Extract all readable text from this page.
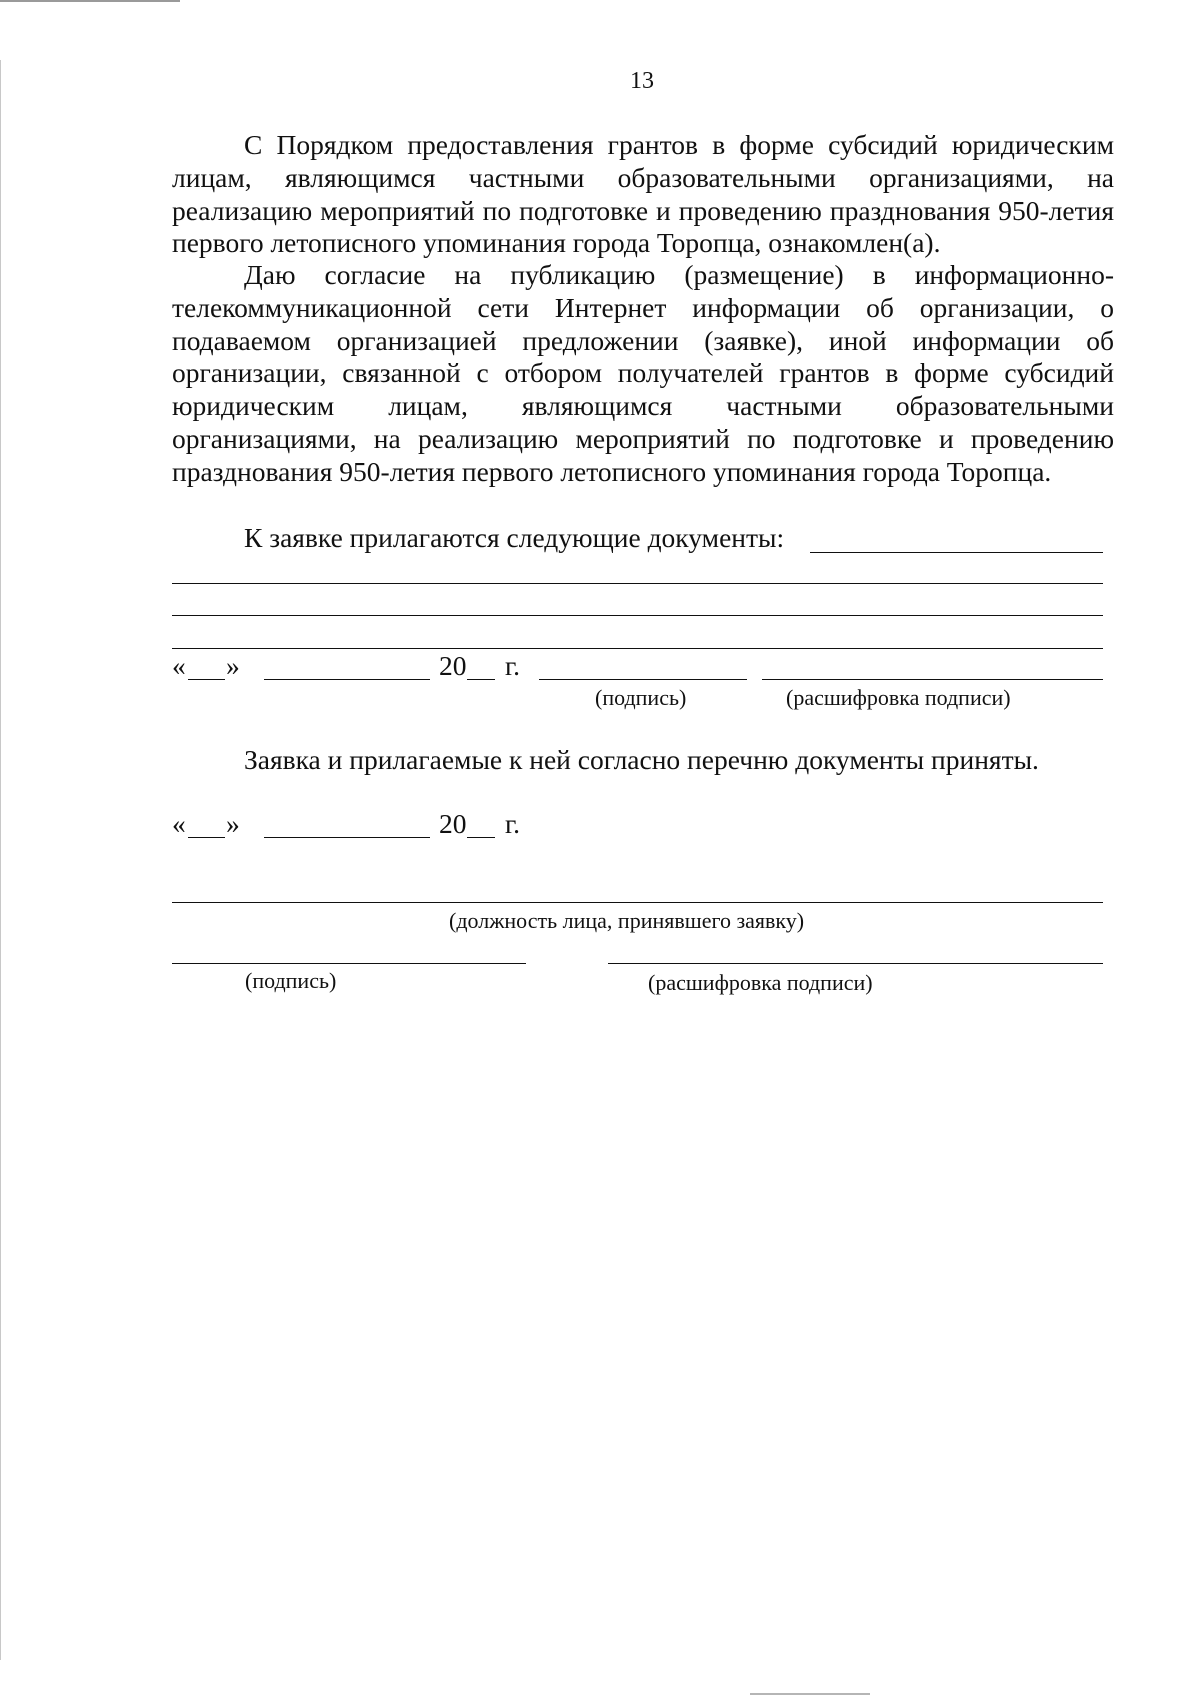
13
С Порядком предоставления грантов в форме субсидий юридическим лицам, являющимся частными образовательными организациями, на реализацию мероприятий по подготовке и проведению празднования 950-летия первого летописного упоминания города Торопца, ознакомлен(а).
Даю согласие на публикацию (размещение) в информационно-телекоммуникационной сети Интернет информации об организации, о подаваемом организацией предложении (заявке), иной информации об организации, связанной с отбором получателей грантов в форме субсидий юридическим лицам, являющимся частными образовательными организациями, на реализацию мероприятий по подготовке и проведению празднования 950-летия первого летописного упоминания города Торопца.
К заявке прилагаются следующие документы:
« »	20 г.
(подпись)	(расшифровка подписи)
Заявка и прилагаемые к ней согласно перечню документы приняты.
« »	20 г.
(должность лица, принявшего заявку)
(подпись)	(расшифровка подписи)
